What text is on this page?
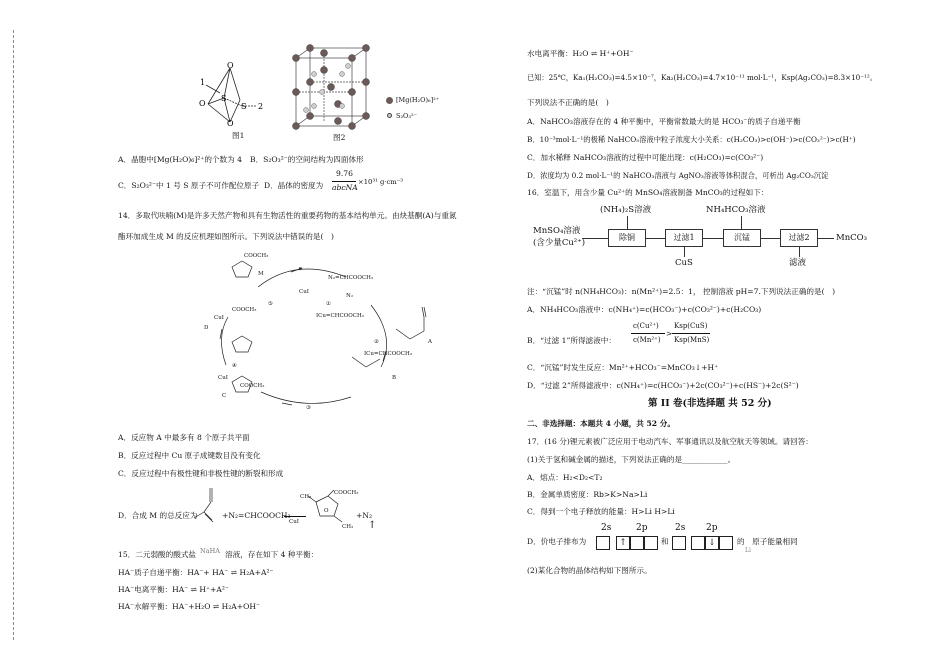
O
O
S
S
O
1
2
图1	图2
[Mg(H₂O)₆]²⁺
S₂O₃²⁻
A．晶胞中[Mg(H₂O)₆]²⁺的个数为 4 B．S₂O₃²⁻的空间结构为四面体形
C．S₂O₃²⁻中 1 号 S 原子不可作配位原子 D．晶体的密度为
9.76
abcNA
×10³¹ g·cm⁻³
14．多取代呋喃(M)是许多天然产物和具有生物活性的重要药物的基本结构单元。由炔基酮(A)与重氮
酯环加成生成 M 的反应机理如图所示。下列说法中错误的是(　)
COOCH₃
M
CuI
N₂=CHCOOCH₃
N₂
⑤	①
ICu=CHCOOCH₃
②	A
D
CuI
COOCH₃
④
C
CuI
COOCH₃
③
B
ICu=CHCOOCH₃
A．反应物 A 中最多有 8 个原子共平面
B．反应过程中 Cu 原子成键数目没有变化
C．反应过程中有极性键和非极性键的断裂和形成
D．合成 M 的总反应为	+N₂=CHCOOCH₃
CuI
COOCH₃
CH₃
CH₃
O	+N₂
↑
15．二元弱酸的酸式盐 NaHA 溶液，存在如下 4 种平衡：
HA⁻质子自递平衡：HA⁻+ HA⁻ ⇌ H₂A+A²⁻
HA⁻电离平衡：HA⁻ ⇌ H⁺+A²⁻
HA⁻水解平衡：HA⁻+H₂O ⇌ H₂A+OH⁻
水电离平衡：H₂O ⇌ H⁺+OH⁻
已知：25℃，Ka₁(H₂CO₃)=4.5×10⁻⁷，Ka₂(H₂CO₃)=4.7×10⁻¹¹ mol·L⁻¹，Ksp(Ag₂CO₃)=8.3×10⁻¹²。
下列说法不正确的是(　)
A．NaHCO₃溶液存在的 4 种平衡中，平衡常数最大的是 HCO₃⁻的质子自递平衡
B．10⁻³mol·L⁻¹的极稀 NaHCO₃溶液中粒子浓度大小关系：c(H₂CO₃)>c(OH⁻)>c(CO₃²⁻)>c(H⁺)
C．加水稀释 NaHCO₃溶液的过程中可能出现：c(H₂CO₃)=c(CO₃²⁻)
D．浓度均为 0.2 mol·L⁻¹的 NaHCO₃溶液与 AgNO₃溶液等体积混合，可析出 Ag₂CO₃沉淀
16．室温下，用含少量 Cu²⁺的 MnSO₄溶液制备 MnCO₃的过程如下：
(NH₄)₂S溶液	NH₄HCO₃溶液
MnSO₄溶液
(含少量Cu²⁺)
除铜	过滤1	沉锰	过滤2	MnCO₃
CuS	滤液
注：“沉锰”时 n(NH₄HCO₃)：n(Mn²⁺)=2.5：1， 控制溶液 pH=7.下列说法正确的是(　)
A．NH₄HCO₃溶液中：c(NH₄⁺)=c(HCO₃⁻)+c(CO₃²⁻)+c(H₂CO₃)
B．“过滤 1”所得滤液中：
c(Cu²⁺)
c(Mn²⁺)
>
Ksp(CuS)
Ksp(MnS)
C．“沉锰”时发生反应：Mn²⁺+HCO₃⁻=MnCO₃↓+H⁺
D．“过滤 2”所得滤液中：c(NH₄⁺)=c(HCO₃⁻)+2c(CO₃²⁻)+c(HS⁻)+2c(S²⁻)
第 II 卷(非选择题 共 52 分)
二、非选择题：本题共 4 小题，共 52 分。
17．(16 分)锂元素被广泛应用于电动汽车、军事通讯以及航空航天等领域。请回答：
(1)关于氢和碱金属的描述，下列说法正确的是____________。
A．熔点：H₂<D₂<T₂
B．金属单质密度：Rb>K>Na>Li
C．得到一个电子释放的能量：H>Li H>Li
D．价电子排布为
2s	2p
↑	和
2s 2p
↓	的　原子能量相同
Li
(2)某化合物的晶体结构如下图所示。
